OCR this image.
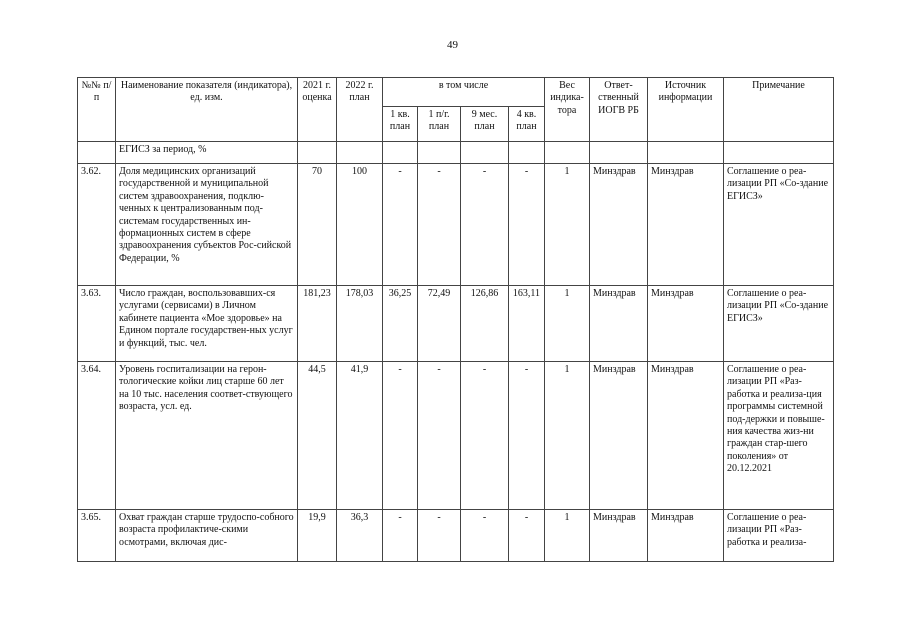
49
№№ п/п	Наименование показателя (индикатора), ед. изм.	2021 г. оценка	2022 г. план	в том числе				Вес индика-тора	Ответ-ственный ИОГВ РБ	Источник информации	Примечание
				1 кв. план	1 п/г. план	9 мес. план	4 кв. план				
	ЕГИСЗ за период, %										
3.62.	Доля медицинских организаций государственной и муниципальной систем здравоохранения, подклю-ченных к централизованным под-системам государственных ин-формационных систем в сфере здравоохранения субъектов Рос-сийской Федерации, %	70	100	-	-	-	-	1	Минздрав	Минздрав	Соглашение о реа-лизации РП «Со-здание ЕГИСЗ»
3.63.	Число граждан, воспользовавших-ся услугами (сервисами) в Личном кабинете пациента «Мое здоровье» на Едином портале государствен-ных услуг и функций, тыс. чел.	181,23	178,03	36,25	72,49	126,86	163,11	1	Минздрав	Минздрав	Соглашение о реа-лизации РП «Со-здание ЕГИСЗ»
3.64.	Уровень госпитализации на герон-тологические койки лиц старше 60 лет на 10 тыс. населения соответ-ствующего возраста, усл. ед.	44,5	41,9	-	-	-	-	1	Минздрав	Минздрав	Соглашение о реа-лизации РП «Раз-работка и реализа-ция программы системной под-держки и повыше-ния качества жиз-ни граждан стар-шего поколения» от 20.12.2021
3.65.	Охват граждан старше трудоспо-собного возраста профилактиче-скими осмотрами, включая дис-	19,9	36,3	-	-	-	-	1	Минздрав	Минздрав	Соглашение о реа-лизации РП «Раз-работка и реализа-
